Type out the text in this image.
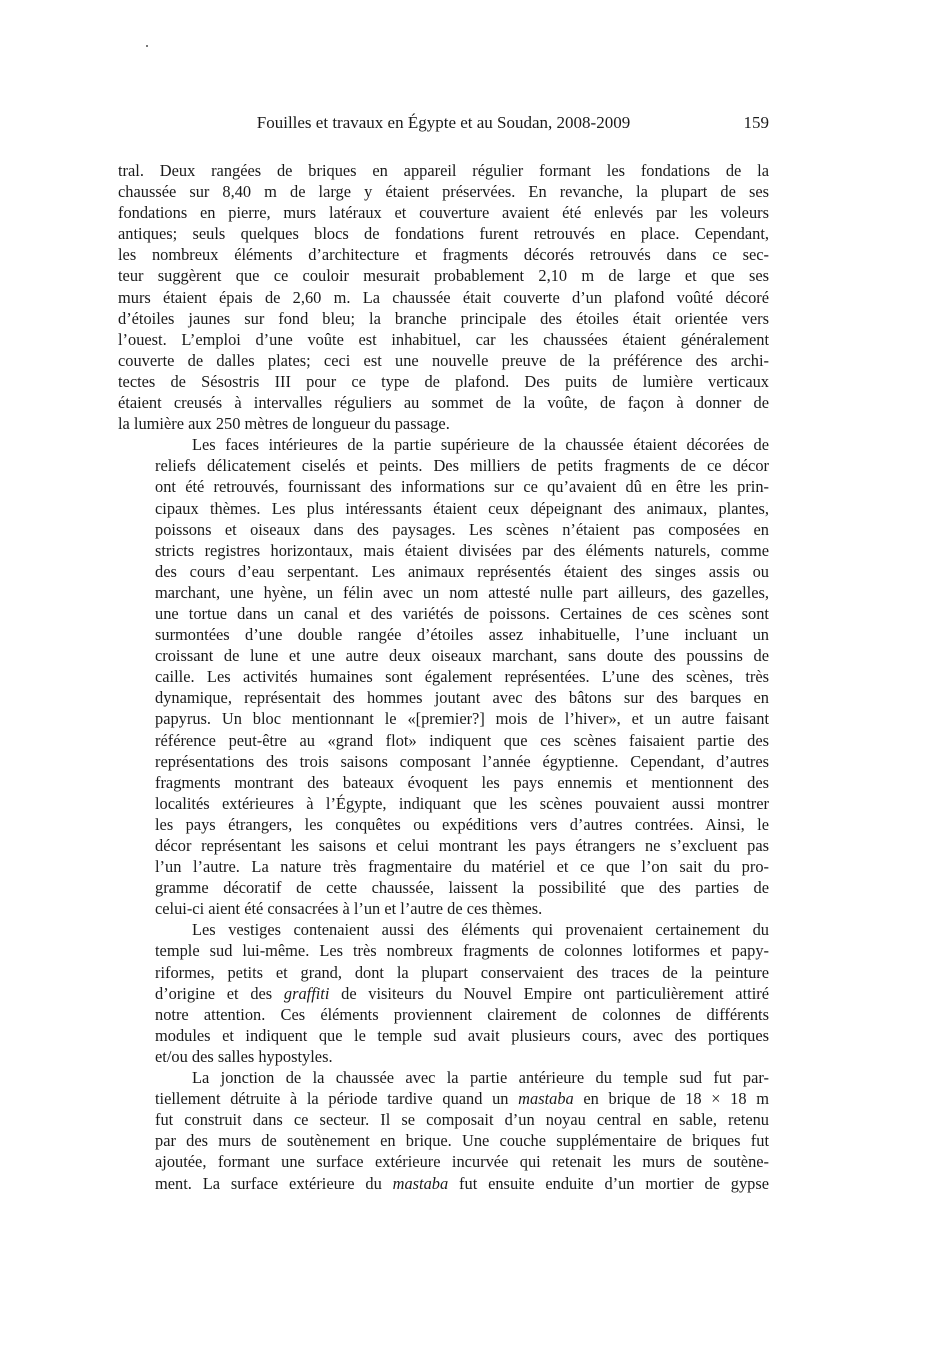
Fouilles et travaux en Égypte et au Soudan, 2008-2009	159

tral. Deux rangées de briques en appareil régulier formant les fondations de la
chaussée sur 8,40 m de large y étaient préservées. En revanche, la plupart de ses
fondations en pierre, murs latéraux et couverture avaient été enlevés par les voleurs
antiques; seuls quelques blocs de fondations furent retrouvés en place. Cependant,
les nombreux éléments d’architecture et fragments décorés retrouvés dans ce sec-
teur suggèrent que ce couloir mesurait probablement 2,10 m de large et que ses
murs étaient épais de 2,60 m. La chaussée était couverte d’un plafond voûté décoré
d’étoiles jaunes sur fond bleu; la branche principale des étoiles était orientée vers
l’ouest. L’emploi d’une voûte est inhabituel, car les chaussées étaient généralement
couverte de dalles plates; ceci est une nouvelle preuve de la préférence des archi-
tectes de Sésostris III pour ce type de plafond. Des puits de lumière verticaux
étaient creusés à intervalles réguliers au sommet de la voûte, de façon à donner de
la lumière aux 250 mètres de longueur du passage.

Les faces intérieures de la partie supérieure de la chaussée étaient décorées de
reliefs délicatement ciselés et peints. Des milliers de petits fragments de ce décor
ont été retrouvés, fournissant des informations sur ce qu’avaient dû en être les prin-
cipaux thèmes. Les plus intéressants étaient ceux dépeignant des animaux, plantes,
poissons et oiseaux dans des paysages. Les scènes n’étaient pas composées en
stricts registres horizontaux, mais étaient divisées par des éléments naturels, comme
des cours d’eau serpentant. Les animaux représentés étaient des singes assis ou
marchant, une hyène, un félin avec un nom attesté nulle part ailleurs, des gazelles,
une tortue dans un canal et des variétés de poissons. Certaines de ces scènes sont
surmontées d’une double rangée d’étoiles assez inhabituelle, l’une incluant un
croissant de lune et une autre deux oiseaux marchant, sans doute des poussins de
caille. Les activités humaines sont également représentées. L’une des scènes, très
dynamique, représentait des hommes joutant avec des bâtons sur des barques en
papyrus. Un bloc mentionnant le «[premier?] mois de l’hiver», et un autre faisant
référence peut-être au «grand flot» indiquent que ces scènes faisaient partie des
représentations des trois saisons composant l’année égyptienne. Cependant, d’autres
fragments montrant des bateaux évoquent les pays ennemis et mentionnent des
localités extérieures à l’Égypte, indiquant que les scènes pouvaient aussi montrer
les pays étrangers, les conquêtes ou expéditions vers d’autres contrées. Ainsi, le
décor représentant les saisons et celui montrant les pays étrangers ne s’excluent pas
l’un l’autre. La nature très fragmentaire du matériel et ce que l’on sait du pro-
gramme décoratif de cette chaussée, laissent la possibilité que des parties de
celui-ci aient été consacrées à l’un et l’autre de ces thèmes.

Les vestiges contenaient aussi des éléments qui provenaient certainement du
temple sud lui-même. Les très nombreux fragments de colonnes lotiformes et papy-
riformes, petits et grand, dont la plupart conservaient des traces de la peinture
d’origine et des graffiti de visiteurs du Nouvel Empire ont particulièrement attiré
notre attention. Ces éléments proviennent clairement de colonnes de différents
modules et indiquent que le temple sud avait plusieurs cours, avec des portiques
et/ou des salles hypostyles.

La jonction de la chaussée avec la partie antérieure du temple sud fut par-
tiellement détruite à la période tardive quand un mastaba en brique de 18 × 18 m
fut construit dans ce secteur. Il se composait d’un noyau central en sable, retenu
par des murs de soutènement en brique. Une couche supplémentaire de briques fut
ajoutée, formant une surface extérieure incurvée qui retenait les murs de soutène-
ment. La surface extérieure du mastaba fut ensuite enduite d’un mortier de gypse
